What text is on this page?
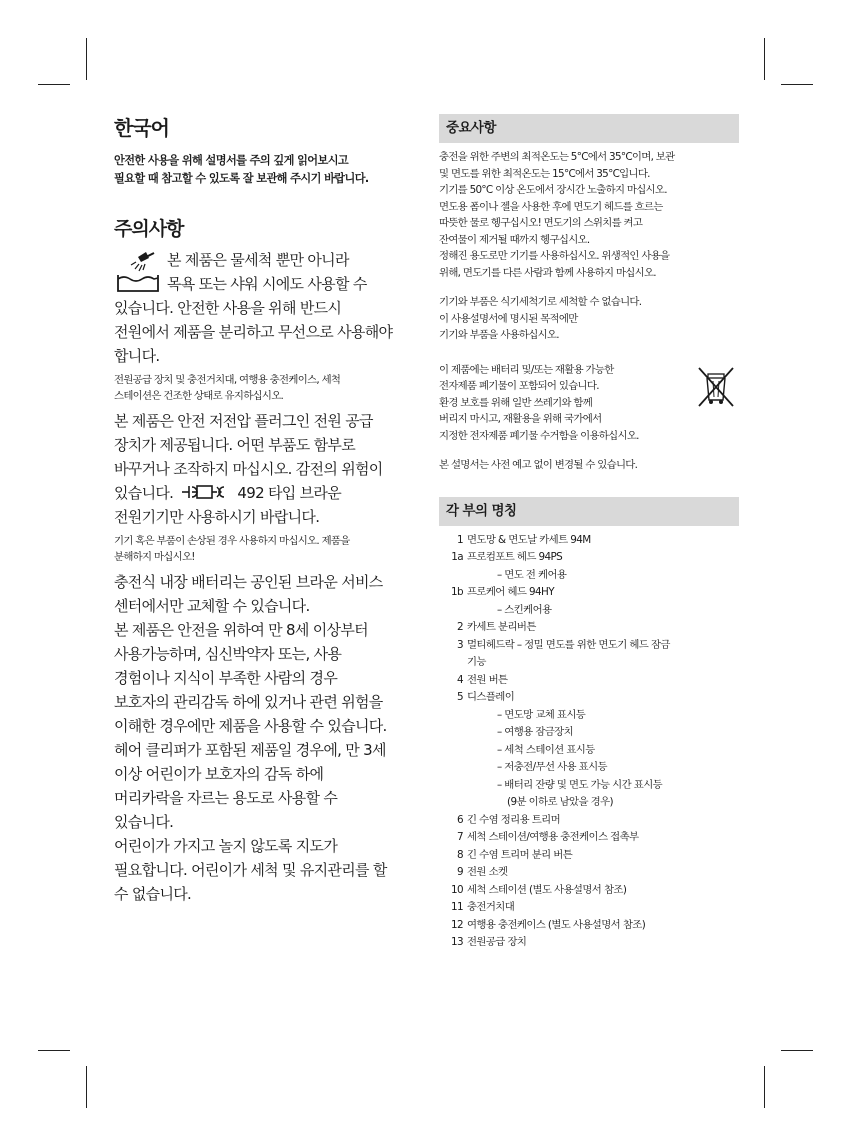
한국어
안전한 사용을 위해 설명서를 주의 깊게 읽어보시고
필요할 때 참고할 수 있도록 잘 보관해 주시기 바랍니다.
주의사항
본 제품은 물세척 뿐만 아니라
목욕 또는 샤워 시에도 사용할 수
있습니다. 안전한 사용을 위해 반드시
전원에서 제품을 분리하고 무선으로 사용해야
합니다.
전원공급 장치 및 충전거치대, 여행용 충전케이스, 세척
스테이션은 건조한 상태로 유지하십시오.
본 제품은 안전 저전압 플러그인 전원 공급
장치가 제공됩니다. 어떤 부품도 함부로
바꾸거나 조작하지 마십시오. 감전의 위험이
있습니다.	492 타입 브라운
전원기기만 사용하시기 바랍니다.
기기 혹은 부품이 손상된 경우 사용하지 마십시오. 제품을
분해하지 마십시오!
충전식 내장 배터리는 공인된 브라운 서비스
센터에서만 교체할 수 있습니다.
본 제품은 안전을 위하여 만 8세 이상부터
사용가능하며, 심신박약자 또는, 사용
경험이나 지식이 부족한 사람의 경우
보호자의 관리감독 하에 있거나 관련 위험을
이해한 경우에만 제품을 사용할 수 있습니다.
헤어 클리퍼가 포함된 제품일 경우에, 만 3세
이상 어린이가 보호자의 감독 하에
머리카락을 자르는 용도로 사용할 수
있습니다.
어린이가 가지고 놀지 않도록 지도가
필요합니다. 어린이가 세척 및 유지관리를 할
수 없습니다.
중요사항
충전을 위한 주변의 최적온도는 5°C에서 35°C이며, 보관
및 면도를 위한 최적온도는 15°C에서 35°C입니다.
기기를 50°C 이상 온도에서 장시간 노출하지 마십시오.
면도용 폼이나 젤을 사용한 후에 면도기 헤드를 흐르는
따뜻한 물로 헹구십시오! 면도기의 스위치를 켜고
잔여물이 제거될 때까지 헹구십시오.
정해진 용도로만 기기를 사용하십시오. 위생적인 사용을
위해, 면도기를 다른 사람과 함께 사용하지 마십시오.
기기와 부품은 식기세척기로 세척할 수 없습니다.
이 사용설명서에 명시된 목적에만
기기와 부품을 사용하십시오.
이 제품에는 배터리 및/또는 재활용 가능한
전자제품 폐기물이 포함되어 있습니다.
환경 보호를 위해 일반 쓰레기와 함께
버리지 마시고, 재활용을 위해 국가에서
지정한 전자제품 폐기물 수거함을 이용하십시오.
본 설명서는 사전 예고 없이 변경될 수 있습니다.
각 부의 명칭
1 면도망 & 면도날 카세트 94M
1a 프로컴포트 헤드 94PS
– 면도 전 케어용
1b 프로케어 헤드 94HY
– 스킨케어용
2 카세트 분리버튼
3 멀티헤드락 – 정밀 면도를 위한 면도기 헤드 잠금
기능
4 전원 버튼
5 디스플레이
– 면도망 교체 표시등
– 여행용 잠금장치
– 세척 스테이션 표시등
– 저충전/무선 사용 표시등
– 배터리 잔량 및 면도 가능 시간 표시등
(9분 이하로 남았을 경우)
6 긴 수염 정리용 트리머
7 세척 스테이션/여행용 충전케이스 접촉부
8 긴 수염 트리머 분리 버튼
9 전원 소켓
10 세척 스테이션 (별도 사용설명서 참조)
11 충전거치대
12 여행용 충전케이스 (별도 사용설명서 참조)
13 전원공급 장치
